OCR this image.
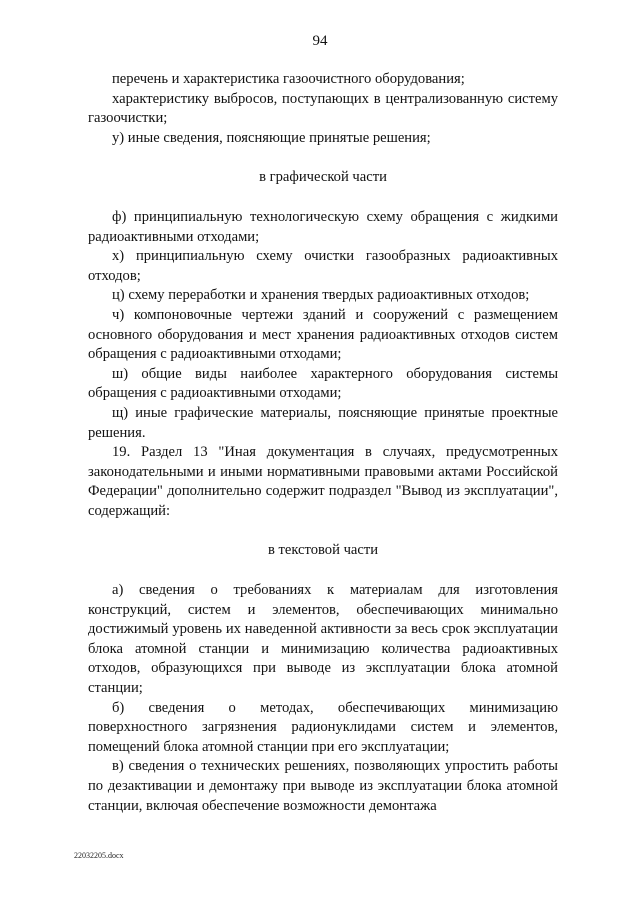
94

перечень и характеристика газоочистного оборудования;

характеристику выбросов, поступающих в централизованную систему газоочистки;

у) иные сведения, поясняющие принятые решения;

в графической части

ф) принципиальную технологическую схему обращения с жидкими радиоактивными отходами;

х) принципиальную схему очистки газообразных радиоактивных отходов;

ц) схему переработки и хранения твердых радиоактивных отходов;

ч) компоновочные чертежи зданий и сооружений с размещением основного оборудования и мест хранения радиоактивных отходов систем обращения с радиоактивными отходами;

ш) общие виды наиболее характерного оборудования системы обращения с радиоактивными отходами;

щ) иные графические материалы, поясняющие принятые проектные решения.

19. Раздел 13 "Иная документация в случаях, предусмотренных законодательными и иными нормативными правовыми актами Российской Федерации" дополнительно содержит подраздел "Вывод из эксплуатации", содержащий:

в текстовой части

а) сведения о требованиях к материалам для изготовления конструкций, систем и элементов, обеспечивающих минимально достижимый уровень их наведенной активности за весь срок эксплуатации блока атомной станции и минимизацию количества радиоактивных отходов, образующихся при выводе из эксплуатации блока атомной станции;

б) сведения о методах, обеспечивающих минимизацию поверхностного загрязнения радионуклидами систем и элементов, помещений блока атомной станции при его эксплуатации;

в) сведения о технических решениях, позволяющих упростить работы по дезактивации и демонтажу при выводе из эксплуатации блока атомной станции, включая обеспечение возможности демонтажа

22032205.docx
